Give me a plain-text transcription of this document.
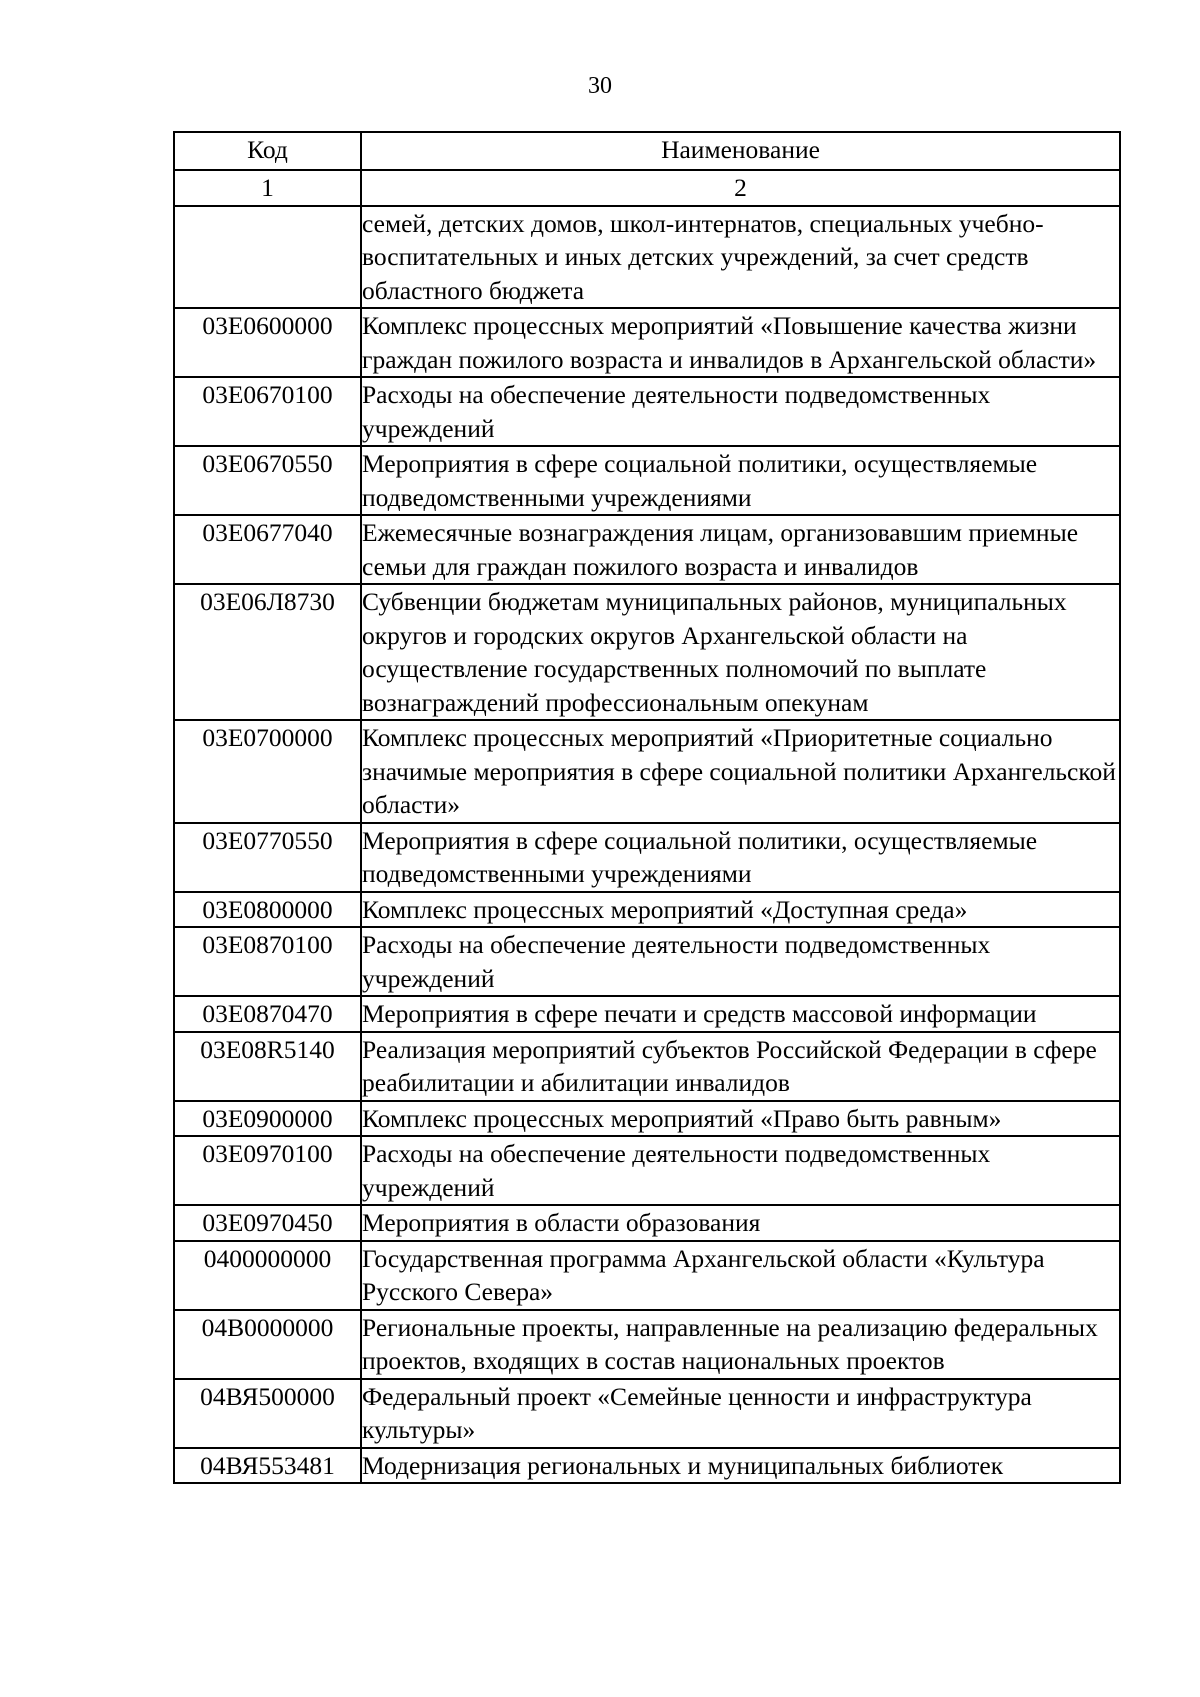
30
Код	Наименование
1	2
	семей, детских домов, школ-интернатов, специальных учебно-воспитательных и иных детских учреждений, за счет средств областного бюджета
03Е0600000	Комплекс процессных мероприятий «Повышение качества жизни граждан пожилого возраста и инвалидов в Архангельской области»
03Е0670100	Расходы на обеспечение деятельности подведомственных учреждений
03Е0670550	Мероприятия в сфере социальной политики, осуществляемые подведомственными учреждениями
03Е0677040	Ежемесячные вознаграждения лицам, организовавшим приемные семьи для граждан пожилого возраста и инвалидов
03Е06Л8730	Субвенции бюджетам муниципальных районов, муниципальных округов и городских округов Архангельской области на осуществление государственных полномочий по выплате вознаграждений профессиональным опекунам
03Е0700000	Комплекс процессных мероприятий «Приоритетные социально значимые мероприятия в сфере социальной политики Архангельской области»
03Е0770550	Мероприятия в сфере социальной политики, осуществляемые подведомственными учреждениями
03Е0800000	Комплекс процессных мероприятий «Доступная среда»
03Е0870100	Расходы на обеспечение деятельности подведомственных учреждений
03Е0870470	Мероприятия в сфере печати и средств массовой информации
03Е08R5140	Реализация мероприятий субъектов Российской Федерации в сфере реабилитации и абилитации инвалидов
03Е0900000	Комплекс процессных мероприятий «Право быть равным»
03Е0970100	Расходы на обеспечение деятельности подведомственных учреждений
03Е0970450	Мероприятия в области образования
0400000000	Государственная программа Архангельской области «Культура Русского Севера»
04В0000000	Региональные проекты, направленные на реализацию федеральных проектов, входящих в состав национальных проектов
04ВЯ500000	Федеральный проект «Семейные ценности и инфраструктура культуры»
04ВЯ553481	Модернизация региональных и муниципальных библиотек
